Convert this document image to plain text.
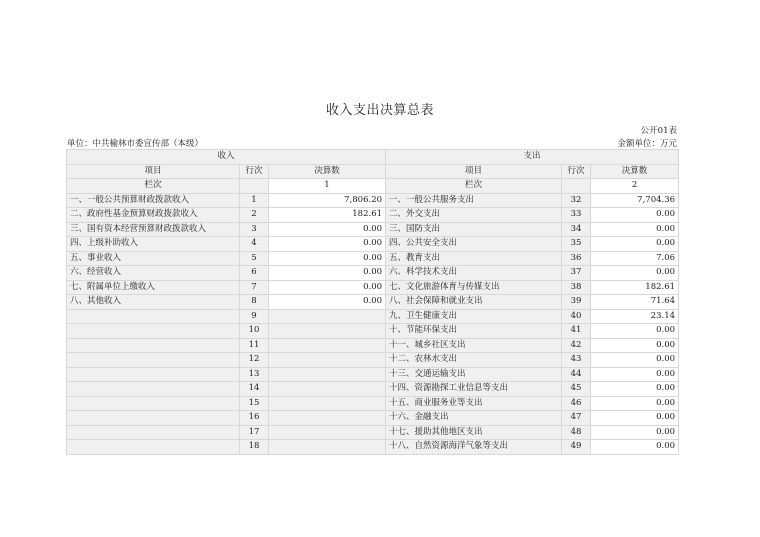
收入支出决算总表
公开01表
单位：中共榆林市委宣传部（本级）	金额单位：万元
收入			支出		
项目	行次	决算数	项目	行次	决算数
栏次		1	栏次		2
一、一般公共预算财政拨款收入	1	7,806.20	一、一般公共服务支出	32	7,704.36
二、政府性基金预算财政拨款收入	2	182.61	二、外交支出	33	0.00
三、国有资本经营预算财政拨款收入	3	0.00	三、国防支出	34	0.00
四、上级补助收入	4	0.00	四、公共安全支出	35	0.00
五、事业收入	5	0.00	五、教育支出	36	7.06
六、经营收入	6	0.00	六、科学技术支出	37	0.00
七、附属单位上缴收入	7	0.00	七、文化旅游体育与传媒支出	38	182.61
八、其他收入	8	0.00	八、社会保障和就业支出	39	71.64
	9		九、卫生健康支出	40	23.14
	10		十、节能环保支出	41	0.00
	11		十一、城乡社区支出	42	0.00
	12		十二、农林水支出	43	0.00
	13		十三、交通运输支出	44	0.00
	14		十四、资源勘探工业信息等支出	45	0.00
	15		十五、商业服务业等支出	46	0.00
	16		十六、金融支出	47	0.00
	17		十七、援助其他地区支出	48	0.00
	18		十八、自然资源海洋气象等支出	49	0.00
